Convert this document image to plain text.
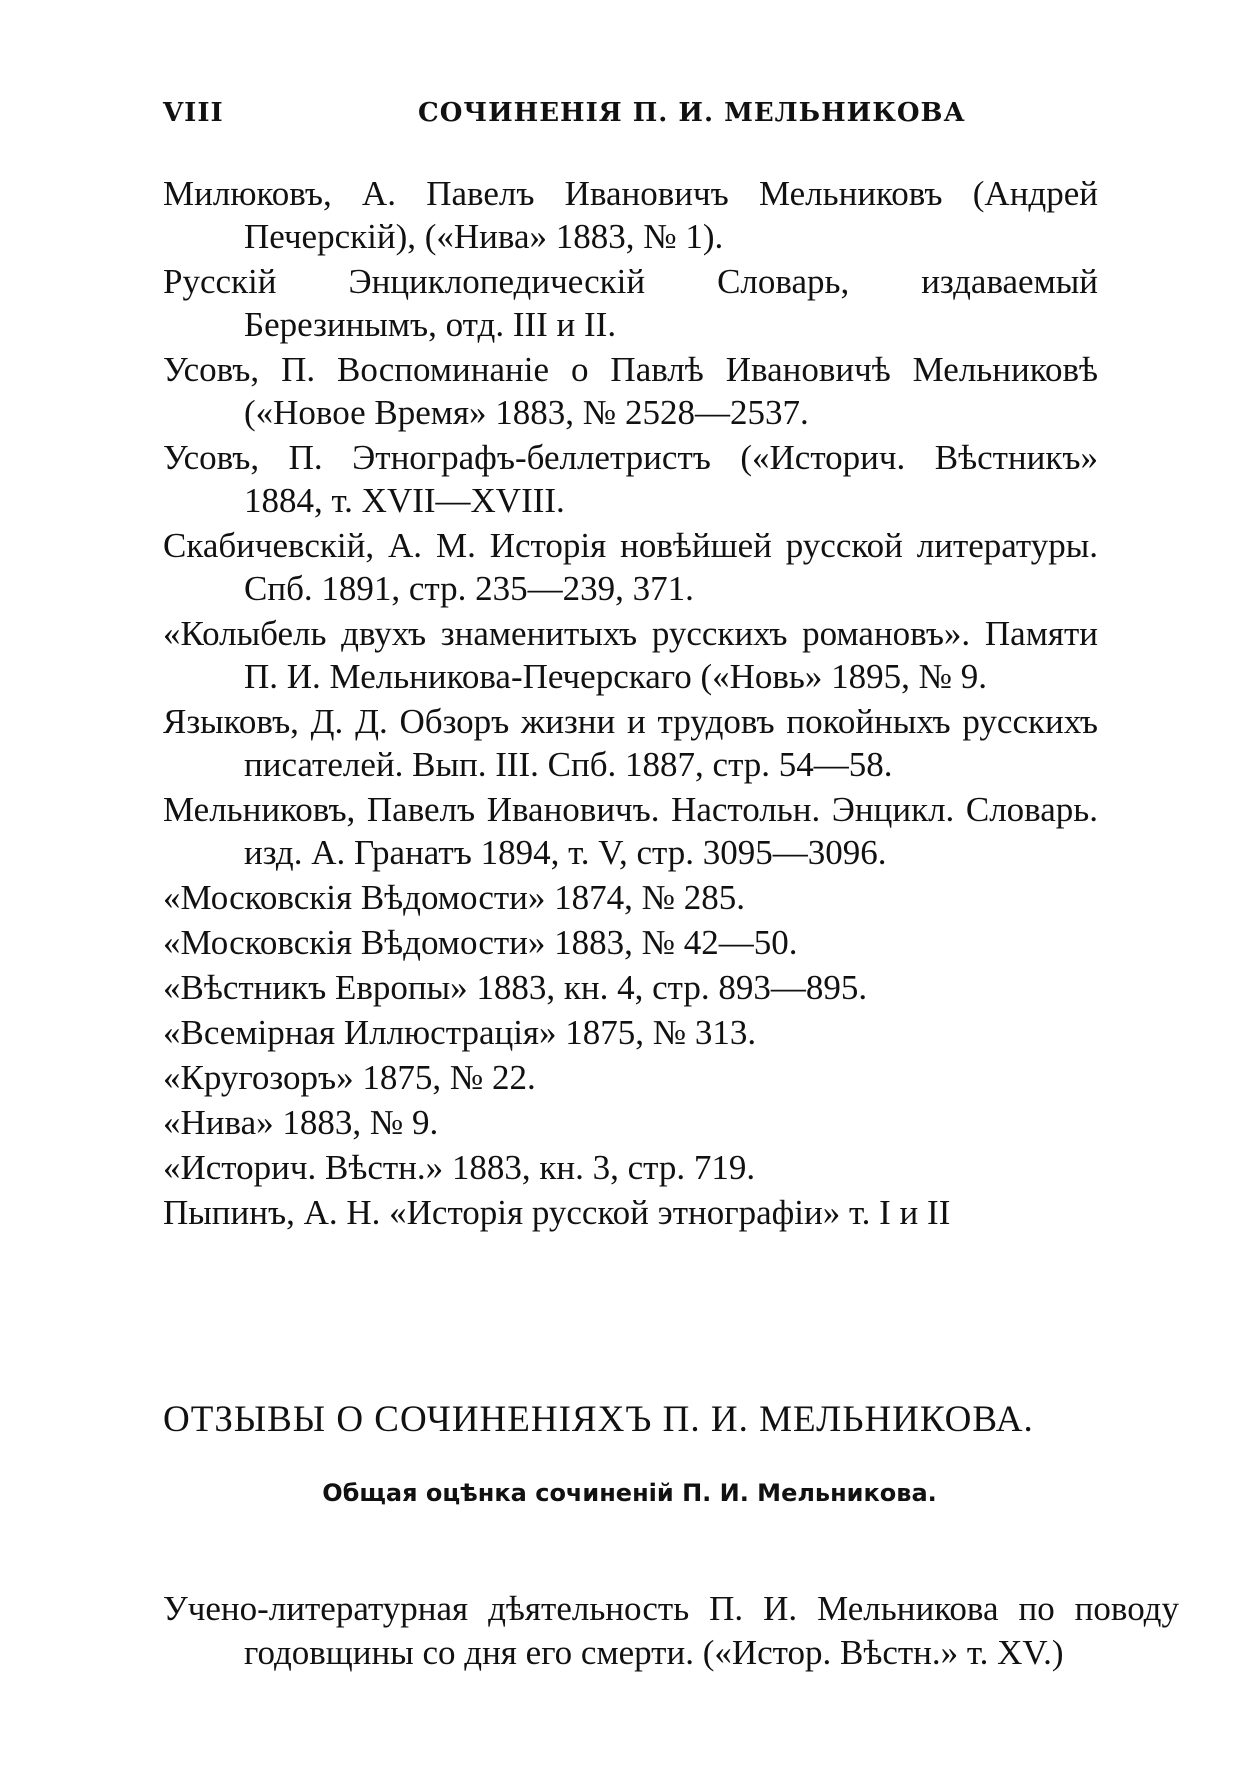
VIII	СОЧИНЕНІЯ П. И. МЕЛЬНИКОВА
Милюковъ, А. Павелъ Ивановичъ Мельниковъ (Андрей Печерскій), («Нива» 1883, № 1).
Русскій Энциклопедическій Словарь, издаваемый Березинымъ, отд. III и II.
Усовъ, П. Воспоминаніе о Павлѣ Ивановичѣ Мельниковѣ («Новое Время» 1883, № 2528—2537.
Усовъ, П. Этнографъ-беллетристъ («Историч. Вѣстникъ» 1884, т. XVII—XVIII.
Скабичевскій, А. М. Исторія новѣйшей русской литературы. Спб. 1891, стр. 235—239, 371.
«Колыбель двухъ знаменитыхъ русскихъ романовъ». Памяти П. И. Мельникова-Печерскаго («Новь» 1895, № 9.
Языковъ, Д. Д. Обзоръ жизни и трудовъ покойныхъ русскихъ писателей. Вып. III. Спб. 1887, стр. 54—58.
Мельниковъ, Павелъ Ивановичъ. Настольн. Энцикл. Словарь. изд. А. Гранатъ 1894, т. V, стр. 3095—3096.
«Московскія Вѣдомости» 1874, № 285.
«Московскія Вѣдомости» 1883, № 42—50.
«Вѣстникъ Европы» 1883, кн. 4, стр. 893—895.
«Всемірная Иллюстрація» 1875, № 313.
«Кругозоръ» 1875, № 22.
«Нива» 1883, № 9.
«Историч. Вѣстн.» 1883, кн. 3, стр. 719.
Пыпинъ, А. Н. «Исторія русской этнографіи» т. I и II
ОТЗЫВЫ О СОЧИНЕНІЯХЪ П. И. МЕЛЬНИКОВА.
Общая оцѣнка сочиненій П. И. Мельникова.

Учено-литературная дѣятельность П. И. Мельникова по поводу годовщины со дня его смерти. («Истор. Вѣстн.» т. XV.)
